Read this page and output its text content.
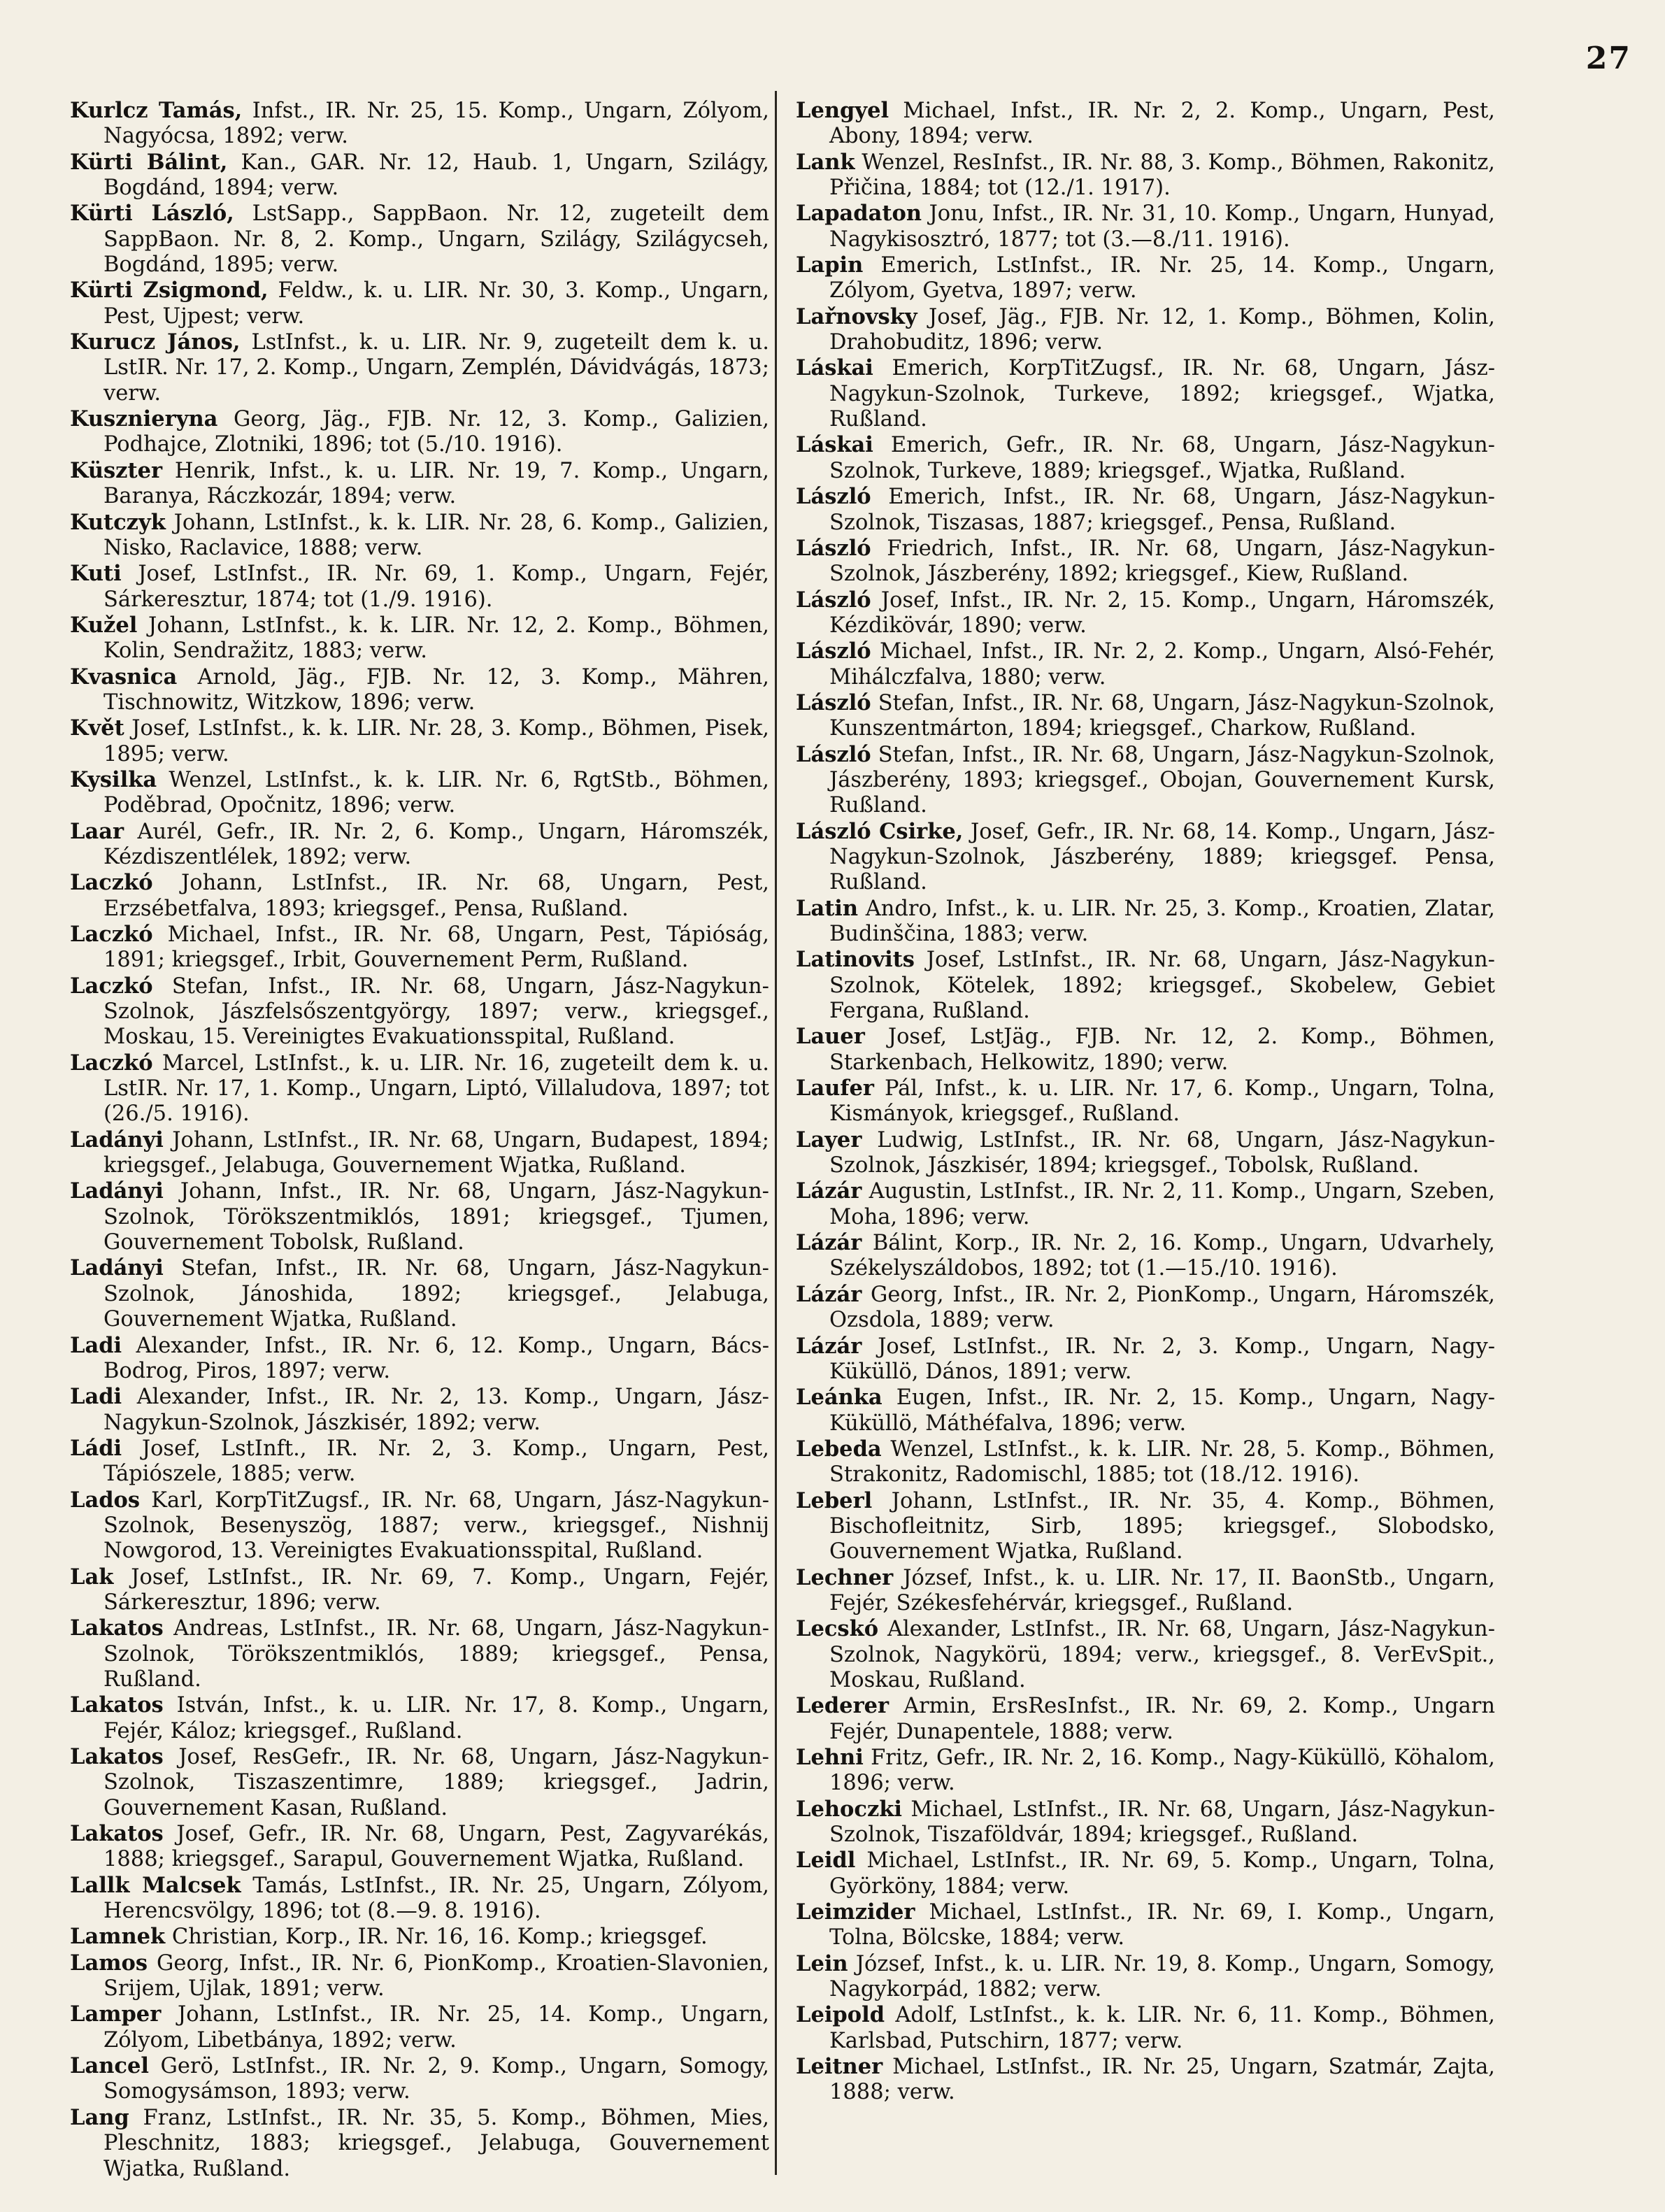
27
Kurlcz Tamás, Infst., IR. Nr. 25, 15. Komp., Ungarn, Zólyom, Nagyócsa, 1892; verw.
Kürti Bálint, Kan., GAR. Nr. 12, Haub. 1, Ungarn, Szilágy, Bogdánd, 1894; verw.
Kürti László, LstSapp., SappBaon. Nr. 12, zugeteilt dem SappBaon. Nr. 8, 2. Komp., Ungarn, Szilágy, Szilágycseh, Bogdánd, 1895; verw.
Kürti Zsigmond, Feldw., k. u. LIR. Nr. 30, 3. Komp., Ungarn, Pest, Ujpest; verw.
Kurucz János, LstInfst., k. u. LIR. Nr. 9, zugeteilt dem k. u. LstIR. Nr. 17, 2. Komp., Ungarn, Zemplén, Dávidvágás, 1873; verw.
Kusznieryna Georg, Jäg., FJB. Nr. 12, 3. Komp., Galizien, Podhajce, Zlotniki, 1896; tot (5./10. 1916).
Küszter Henrik, Infst., k. u. LIR. Nr. 19, 7. Komp., Ungarn, Baranya, Ráczkozár, 1894; verw.
Kutczyk Johann, LstInfst., k. k. LIR. Nr. 28, 6. Komp., Galizien, Nisko, Raclavice, 1888; verw.
Kuti Josef, LstInfst., IR. Nr. 69, 1. Komp., Ungarn, Fejér, Sárkeresztur, 1874; tot (1./9. 1916).
Kužel Johann, LstInfst., k. k. LIR. Nr. 12, 2. Komp., Böhmen, Kolin, Sendražitz, 1883; verw.
Kvasnica Arnold, Jäg., FJB. Nr. 12, 3. Komp., Mähren, Tischnowitz, Witzkow, 1896; verw.
Květ Josef, LstInfst., k. k. LIR. Nr. 28, 3. Komp., Böhmen, Pisek, 1895; verw.
Kysilka Wenzel, LstInfst., k. k. LIR. Nr. 6, RgtStb., Böhmen, Poděbrad, Opočnitz, 1896; verw.
Laar Aurél, Gefr., IR. Nr. 2, 6. Komp., Ungarn, Háromszék, Kézdiszentlélek, 1892; verw.
Laczkó Johann, LstInfst., IR. Nr. 68, Ungarn, Pest, Erzsébetfalva, 1893; kriegsgef., Pensa, Rußland.
Laczkó Michael, Infst., IR. Nr. 68, Ungarn, Pest, Tápióság, 1891; kriegsgef., Irbit, Gouvernement Perm, Rußland.
Laczkó Stefan, Infst., IR. Nr. 68, Ungarn, Jász-Nagykun-Szolnok, Jászfelsőszentgyörgy, 1897; verw., kriegsgef., Moskau, 15. Vereinigtes Evakuationsspital, Rußland.
Laczkó Marcel, LstInfst., k. u. LIR. Nr. 16, zugeteilt dem k. u. LstIR. Nr. 17, 1. Komp., Ungarn, Liptó, Villaludova, 1897; tot (26./5. 1916).
Ladányi Johann, LstInfst., IR. Nr. 68, Ungarn, Budapest, 1894; kriegsgef., Jelabuga, Gouvernement Wjatka, Rußland.
Ladányi Johann, Infst., IR. Nr. 68, Ungarn, Jász-Nagykun-Szolnok, Törökszentmiklós, 1891; kriegsgef., Tjumen, Gouvernement Tobolsk, Rußland.
Ladányi Stefan, Infst., IR. Nr. 68, Ungarn, Jász-Nagykun-Szolnok, Jánoshida, 1892; kriegsgef., Jelabuga, Gouvernement Wjatka, Rußland.
Ladi Alexander, Infst., IR. Nr. 6, 12. Komp., Ungarn, Bács-Bodrog, Piros, 1897; verw.
Ladi Alexander, Infst., IR. Nr. 2, 13. Komp., Ungarn, Jász-Nagykun-Szolnok, Jászkisér, 1892; verw.
Ládi Josef, LstInft., IR. Nr. 2, 3. Komp., Ungarn, Pest, Tápiószele, 1885; verw.
Lados Karl, KorpTitZugsf., IR. Nr. 68, Ungarn, Jász-Nagykun-Szolnok, Besenyszög, 1887; verw., kriegsgef., Nishnij Nowgorod, 13. Vereinigtes Evakuationsspital, Rußland.
Lak Josef, LstInfst., IR. Nr. 69, 7. Komp., Ungarn, Fejér, Sárkeresztur, 1896; verw.
Lakatos Andreas, LstInfst., IR. Nr. 68, Ungarn, Jász-Nagykun-Szolnok, Törökszentmiklós, 1889; kriegsgef., Pensa, Rußland.
Lakatos István, Infst., k. u. LIR. Nr. 17, 8. Komp., Ungarn, Fejér, Káloz; kriegsgef., Rußland.
Lakatos Josef, ResGefr., IR. Nr. 68, Ungarn, Jász-Nagykun-Szolnok, Tiszaszentimre, 1889; kriegsgef., Jadrin, Gouvernement Kasan, Rußland.
Lakatos Josef, Gefr., IR. Nr. 68, Ungarn, Pest, Zagyvarékás, 1888; kriegsgef., Sarapul, Gouvernement Wjatka, Rußland.
Lallk Malcsek Tamás, LstInfst., IR. Nr. 25, Ungarn, Zólyom, Herencsvölgy, 1896; tot (8.—9. 8. 1916).
Lamnek Christian, Korp., IR. Nr. 16, 16. Komp.; kriegsgef.
Lamos Georg, Infst., IR. Nr. 6, PionKomp., Kroatien-Slavonien, Srijem, Ujlak, 1891; verw.
Lamper Johann, LstInfst., IR. Nr. 25, 14. Komp., Ungarn, Zólyom, Libetbánya, 1892; verw.
Lancel Gerö, LstInfst., IR. Nr. 2, 9. Komp., Ungarn, Somogy, Somogysámson, 1893; verw.
Lang Franz, LstInfst., IR. Nr. 35, 5. Komp., Böhmen, Mies, Pleschnitz, 1883; kriegsgef., Jelabuga, Gouvernement Wjatka, Rußland.
Lengyel Michael, Infst., IR. Nr. 2, 2. Komp., Ungarn, Pest, Abony, 1894; verw.
Lank Wenzel, ResInfst., IR. Nr. 88, 3. Komp., Böhmen, Rakonitz, Přičina, 1884; tot (12./1. 1917).
Lapadaton Jonu, Infst., IR. Nr. 31, 10. Komp., Ungarn, Hunyad, Nagykisosztró, 1877; tot (3.—8./11. 1916).
Lapin Emerich, LstInfst., IR. Nr. 25, 14. Komp., Ungarn, Zólyom, Gyetva, 1897; verw.
Lařnovsky Josef, Jäg., FJB. Nr. 12, 1. Komp., Böhmen, Kolin, Drahobuditz, 1896; verw.
Láskai Emerich, KorpTitZugsf., IR. Nr. 68, Ungarn, Jász-Nagykun-Szolnok, Turkeve, 1892; kriegsgef., Wjatka, Rußland.
Láskai Emerich, Gefr., IR. Nr. 68, Ungarn, Jász-Nagykun-Szolnok, Turkeve, 1889; kriegsgef., Wjatka, Rußland.
László Emerich, Infst., IR. Nr. 68, Ungarn, Jász-Nagykun-Szolnok, Tiszasas, 1887; kriegsgef., Pensa, Rußland.
László Friedrich, Infst., IR. Nr. 68, Ungarn, Jász-Nagykun-Szolnok, Jászberény, 1892; kriegsgef., Kiew, Rußland.
László Josef, Infst., IR. Nr. 2, 15. Komp., Ungarn, Háromszék, Kézdikövár, 1890; verw.
László Michael, Infst., IR. Nr. 2, 2. Komp., Ungarn, Alsó-Fehér, Mihálczfalva, 1880; verw.
László Stefan, Infst., IR. Nr. 68, Ungarn, Jász-Nagykun-Szolnok, Kunszentmárton, 1894; kriegsgef., Charkow, Rußland.
László Stefan, Infst., IR. Nr. 68, Ungarn, Jász-Nagykun-Szolnok, Jászberény, 1893; kriegsgef., Obojan, Gouvernement Kursk, Rußland.
László Csirke, Josef, Gefr., IR. Nr. 68, 14. Komp., Ungarn, Jász-Nagykun-Szolnok, Jászberény, 1889; kriegsgef. Pensa, Rußland.
Latin Andro, Infst., k. u. LIR. Nr. 25, 3. Komp., Kroatien, Zlatar, Budinščina, 1883; verw.
Latinovits Josef, LstInfst., IR. Nr. 68, Ungarn, Jász-Nagykun-Szolnok, Kötelek, 1892; kriegsgef., Skobelew, Gebiet Fergana, Rußland.
Lauer Josef, LstJäg., FJB. Nr. 12, 2. Komp., Böhmen, Starkenbach, Helkowitz, 1890; verw.
Laufer Pál, Infst., k. u. LIR. Nr. 17, 6. Komp., Ungarn, Tolna, Kismányok, kriegsgef., Rußland.
Layer Ludwig, LstInfst., IR. Nr. 68, Ungarn, Jász-Nagykun-Szolnok, Jászkisér, 1894; kriegsgef., Tobolsk, Rußland.
Lázár Augustin, LstInfst., IR. Nr. 2, 11. Komp., Ungarn, Szeben, Moha, 1896; verw.
Lázár Bálint, Korp., IR. Nr. 2, 16. Komp., Ungarn, Udvarhely, Székelyszáldobos, 1892; tot (1.—15./10. 1916).
Lázár Georg, Infst., IR. Nr. 2, PionKomp., Ungarn, Háromszék, Ozsdola, 1889; verw.
Lázár Josef, LstInfst., IR. Nr. 2, 3. Komp., Ungarn, Nagy-Küküllö, Dános, 1891; verw.
Leánka Eugen, Infst., IR. Nr. 2, 15. Komp., Ungarn, Nagy-Küküllö, Máthéfalva, 1896; verw.
Lebeda Wenzel, LstInfst., k. k. LIR. Nr. 28, 5. Komp., Böhmen, Strakonitz, Radomischl, 1885; tot (18./12. 1916).
Leberl Johann, LstInfst., IR. Nr. 35, 4. Komp., Böhmen, Bischofleitnitz, Sirb, 1895; kriegsgef., Slobodsko, Gouvernement Wjatka, Rußland.
Lechner József, Infst., k. u. LIR. Nr. 17, II. BaonStb., Ungarn, Fejér, Székesfehérvár, kriegsgef., Rußland.
Lecskó Alexander, LstInfst., IR. Nr. 68, Ungarn, Jász-Nagykun-Szolnok, Nagykörü, 1894; verw., kriegsgef., 8. VerEvSpit., Moskau, Rußland.
Lederer Armin, ErsResInfst., IR. Nr. 69, 2. Komp., Ungarn Fejér, Dunapentele, 1888; verw.
Lehni Fritz, Gefr., IR. Nr. 2, 16. Komp., Nagy-Küküllö, Köhalom, 1896; verw.
Lehoczki Michael, LstInfst., IR. Nr. 68, Ungarn, Jász-Nagykun-Szolnok, Tiszaföldvár, 1894; kriegsgef., Rußland.
Leidl Michael, LstInfst., IR. Nr. 69, 5. Komp., Ungarn, Tolna, Györköny, 1884; verw.
Leimzider Michael, LstInfst., IR. Nr. 69, I. Komp., Ungarn, Tolna, Bölcske, 1884; verw.
Lein József, Infst., k. u. LIR. Nr. 19, 8. Komp., Ungarn, Somogy, Nagykorpád, 1882; verw.
Leipold Adolf, LstInfst., k. k. LIR. Nr. 6, 11. Komp., Böhmen, Karlsbad, Putschirn, 1877; verw.
Leitner Michael, LstInfst., IR. Nr. 25, Ungarn, Szatmár, Zajta, 1888; verw.
